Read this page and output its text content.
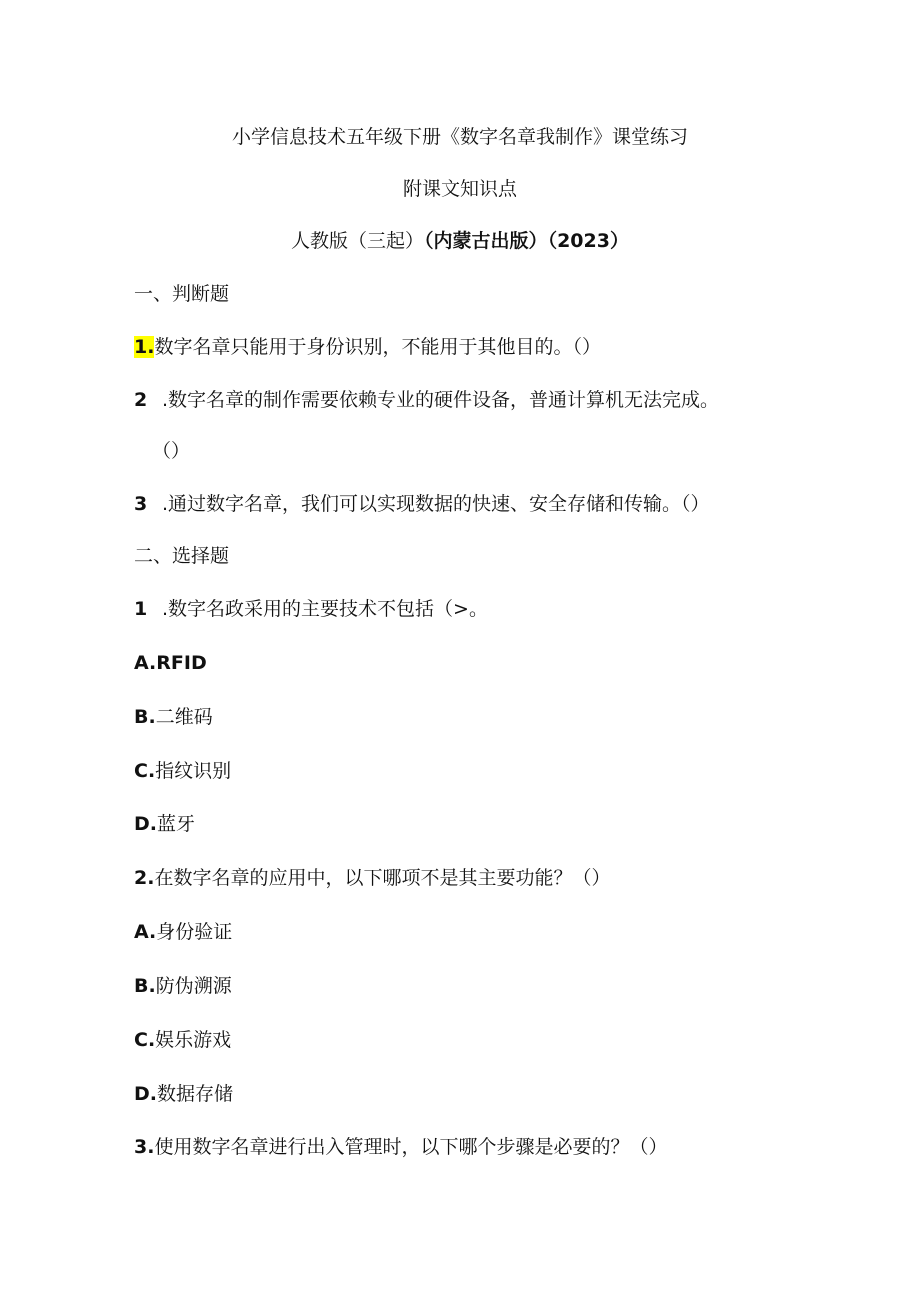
小学信息技术五年级下册《数字名章我制作》课堂练习
附课文知识点
人教版（三起）（内蒙古出版）（2023）
一、判断题
1.数字名章只能用于身份识别，不能用于其他目的。（）
2 .数字名章的制作需要依赖专业的硬件设备，普通计算机无法完成。
（）
3 .通过数字名章，我们可以实现数据的快速、安全存储和传输。（）
二、选择题
1 .数字名政采用的主要技术不包括（>。
A.RFID
B.二维码
C.指纹识别
D.蓝牙
2.在数字名章的应用中，以下哪项不是其主要功能？（）
A.身份验证
B.防伪溯源
C.娱乐游戏
D.数据存储
3.使用数字名章进行出入管理时，以下哪个步骤是必要的？（）
